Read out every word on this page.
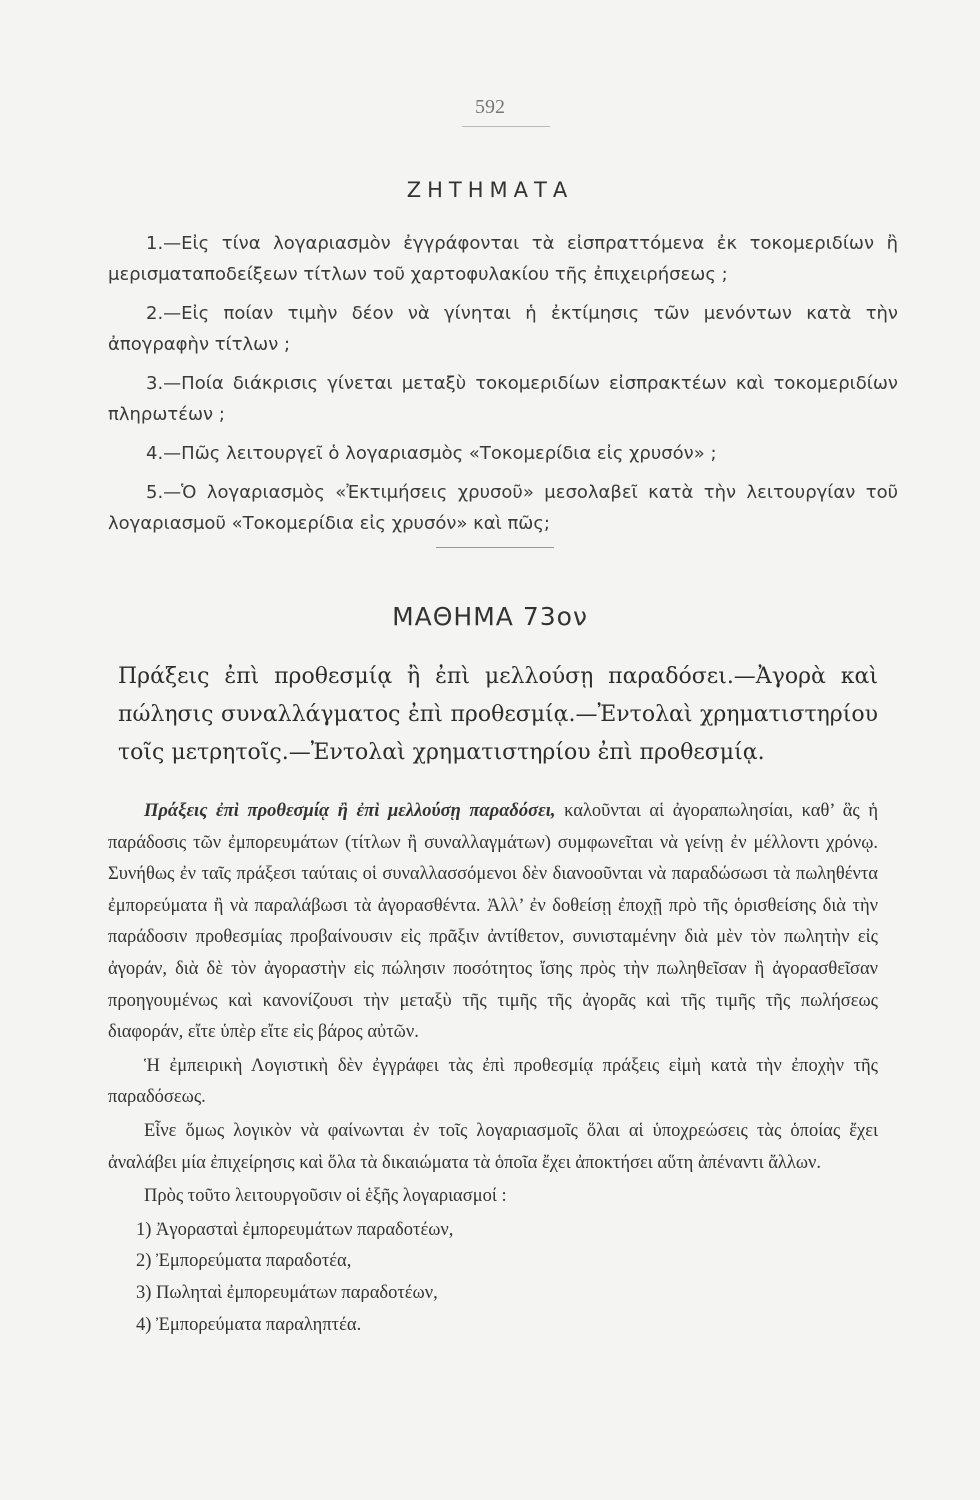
592
ΖΗΤΗΜΑΤΑ

1.—Εἰς τίνα λογαριασμὸν ἐγγράφονται τὰ εἰσπραττόμενα ἐκ τοκομεριδίων ἢ μερισματαποδείξεων τίτλων τοῦ χαρτοφυλακίου τῆς ἐπιχειρήσεως ;

2.—Εἰς ποίαν τιμὴν δέον νὰ γίνηται ἡ ἐκτίμησις τῶν μενόντων κατὰ τὴν ἀπογραφὴν τίτλων ;

3.—Ποία διάκρισις γίνεται μεταξὺ τοκομεριδίων εἰσπρακτέων καὶ τοκομεριδίων πληρωτέων ;

4.—Πῶς λειτουργεῖ ὁ λογαριασμὸς «Τοκομερίδια εἰς χρυσόν» ;

5.—Ὁ λογαριασμὸς «Ἐκτιμήσεις χρυσοῦ» μεσολαβεῖ κατὰ τὴν λειτουργίαν τοῦ λογαριασμοῦ «Τοκομερίδια εἰς χρυσόν» καὶ πῶς;

ΜΑΘΗΜΑ 73ον
Πράξεις ἐπὶ προθεσμίᾳ ἢ ἐπὶ μελλούσῃ παραδόσει.—Ἀγορὰ καὶ πώλησις συναλλάγματος ἐπὶ προθεσμίᾳ.—Ἐντολαὶ χρηματιστηρίου τοῖς μετρητοῖς.—Ἐντολαὶ χρηματιστηρίου ἐπὶ προθεσμίᾳ.

Πράξεις ἐπὶ προθεσμίᾳ ἢ ἐπὶ μελλούσῃ παραδόσει, καλοῦνται αἱ ἀγοραπωλησίαι, καθ’ ἃς ἡ παράδοσις τῶν ἐμπορευμάτων (τίτλων ἢ συναλλαγμάτων) συμφωνεῖται νὰ γείνῃ ἐν μέλλοντι χρόνῳ. Συνήθως ἐν ταῖς πράξεσι ταύταις οἱ συναλλασσόμενοι δὲν διανοοῦνται νὰ παραδώσωσι τὰ πωληθέντα ἐμπορεύματα ἢ νὰ παραλάβωσι τὰ ἀγορασθέντα. Ἀλλ’ ἐν δοθείσῃ ἐποχῇ πρὸ τῆς ὁρισθείσης διὰ τὴν παράδοσιν προθεσμίας προβαίνουσιν εἰς πρᾶξιν ἀντίθετον, συνισταμένην διὰ μὲν τὸν πωλητὴν εἰς ἀγοράν, διὰ δὲ τὸν ἀγοραστὴν εἰς πώλησιν ποσότητος ἴσης πρὸς τὴν πωληθεῖσαν ἢ ἀγορασθεῖσαν προηγουμένως καὶ κανονίζουσι τὴν μεταξὺ τῆς τιμῆς τῆς ἀγορᾶς καὶ τῆς τιμῆς τῆς πωλήσεως διαφοράν, εἴτε ὑπὲρ εἴτε εἰς βάρος αὐτῶν.

Ἡ ἐμπειρικὴ Λογιστικὴ δὲν ἐγγράφει τὰς ἐπὶ προθεσμίᾳ πράξεις εἰμὴ κατὰ τὴν ἐποχὴν τῆς παραδόσεως.

Εἶνε ὅμως λογικὸν νὰ φαίνωνται ἐν τοῖς λογαριασμοῖς ὅλαι αἱ ὑποχρεώσεις τὰς ὁποίας ἔχει ἀναλάβει μία ἐπιχείρησις καὶ ὅλα τὰ δικαιώματα τὰ ὁποῖα ἔχει ἀποκτήσει αὕτη ἀπέναντι ἄλλων.

Πρὸς τοῦτο λειτουργοῦσιν οἱ ἑξῆς λογαριασμοί :

1) Ἀγορασταὶ ἐμπορευμάτων παραδοτέων,
2) Ἐμπορεύματα παραδοτέα,
3) Πωληταὶ ἐμπορευμάτων παραδοτέων,
4) Ἐμπορεύματα παραληπτέα.
